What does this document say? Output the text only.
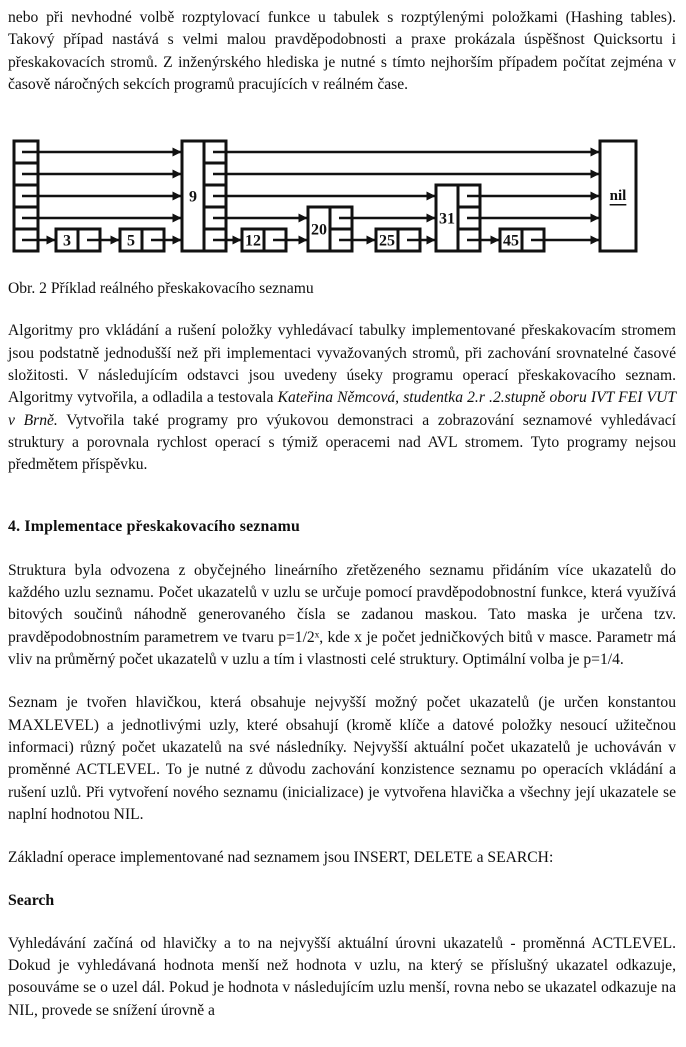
nebo při nevhodné volbě rozptylovací funkce u tabulek s rozptýlenými položkami (Hashing tables). Takový případ nastává s velmi malou pravděpodobnosti a praxe prokázala úspěšnost Quicksortu i přeskakovacích stromů. Z inženýrského hlediska je nutné s tímto nejhorším případem počítat zejména v časově náročných sekcích programů pracujících v reálném čase.

3	5
9
12
20
25
31
45
nil
Obr. 2 Příklad reálného přeskakovacího seznamu

Algoritmy pro vkládání a rušení položky vyhledávací tabulky implementované přeskakovacím stromem jsou podstatně jednodušší než při implementaci vyvažovaných stromů, při zachování srovnatelné časové složitosti. V následujícím odstavci jsou uvedeny úseky programu operací přeskakovacího seznam. Algoritmy vytvořila, a odladila a testovala Kateřina Němcová, studentka 2.r .2.stupně oboru IVT FEI VUT v Brně. Vytvořila také programy pro výukovou demonstraci a zobrazování seznamové vyhledávací struktury a porovnala rychlost operací s týmiž operacemi nad AVL stromem. Tyto programy nejsou předmětem příspěvku.

4. Implementace přeskakovacího seznamu

Struktura byla odvozena z obyčejného lineárního zřetězeného seznamu přidáním více ukazatelů do každého uzlu seznamu. Počet ukazatelů v uzlu se určuje pomocí pravděpodobnostní funkce, která využívá bitových součinů náhodně generovaného čísla se zadanou maskou. Tato maska je určena tzv. pravděpodobnostním parametrem ve tvaru p=1/2ˣ, kde x je počet jedničkových bitů v masce. Parametr má vliv na průměrný počet ukazatelů v uzlu a tím i vlastnosti celé struktury. Optimální volba je p=1/4.

Seznam je tvořen hlavičkou, která obsahuje nejvyšší možný počet ukazatelů (je určen konstantou MAXLEVEL) a jednotlivými uzly, které obsahují (kromě klíče a datové položky nesoucí užitečnou informaci) různý počet ukazatelů na své následníky. Nejvyšší aktuální počet ukazatelů je uchováván v proměnné ACTLEVEL. To je nutné z důvodu zachování konzistence seznamu po operacích vkládání a rušení uzlů. Při vytvoření nového seznamu (inicializace) je vytvořena hlavička a všechny její ukazatele se naplní hodnotou NIL.

Základní operace implementované nad seznamem jsou INSERT, DELETE a SEARCH:

Search

Vyhledávání začíná od hlavičky a to na nejvyšší aktuální úrovni ukazatelů - proměnná ACTLEVEL. Dokud je vyhledávaná hodnota menší než hodnota v uzlu, na který se příslušný ukazatel odkazuje, posouváme se o uzel dál. Pokud je hodnota v následujícím uzlu menší, rovna nebo se ukazatel odkazuje na NIL, provede se snížení úrovně a
